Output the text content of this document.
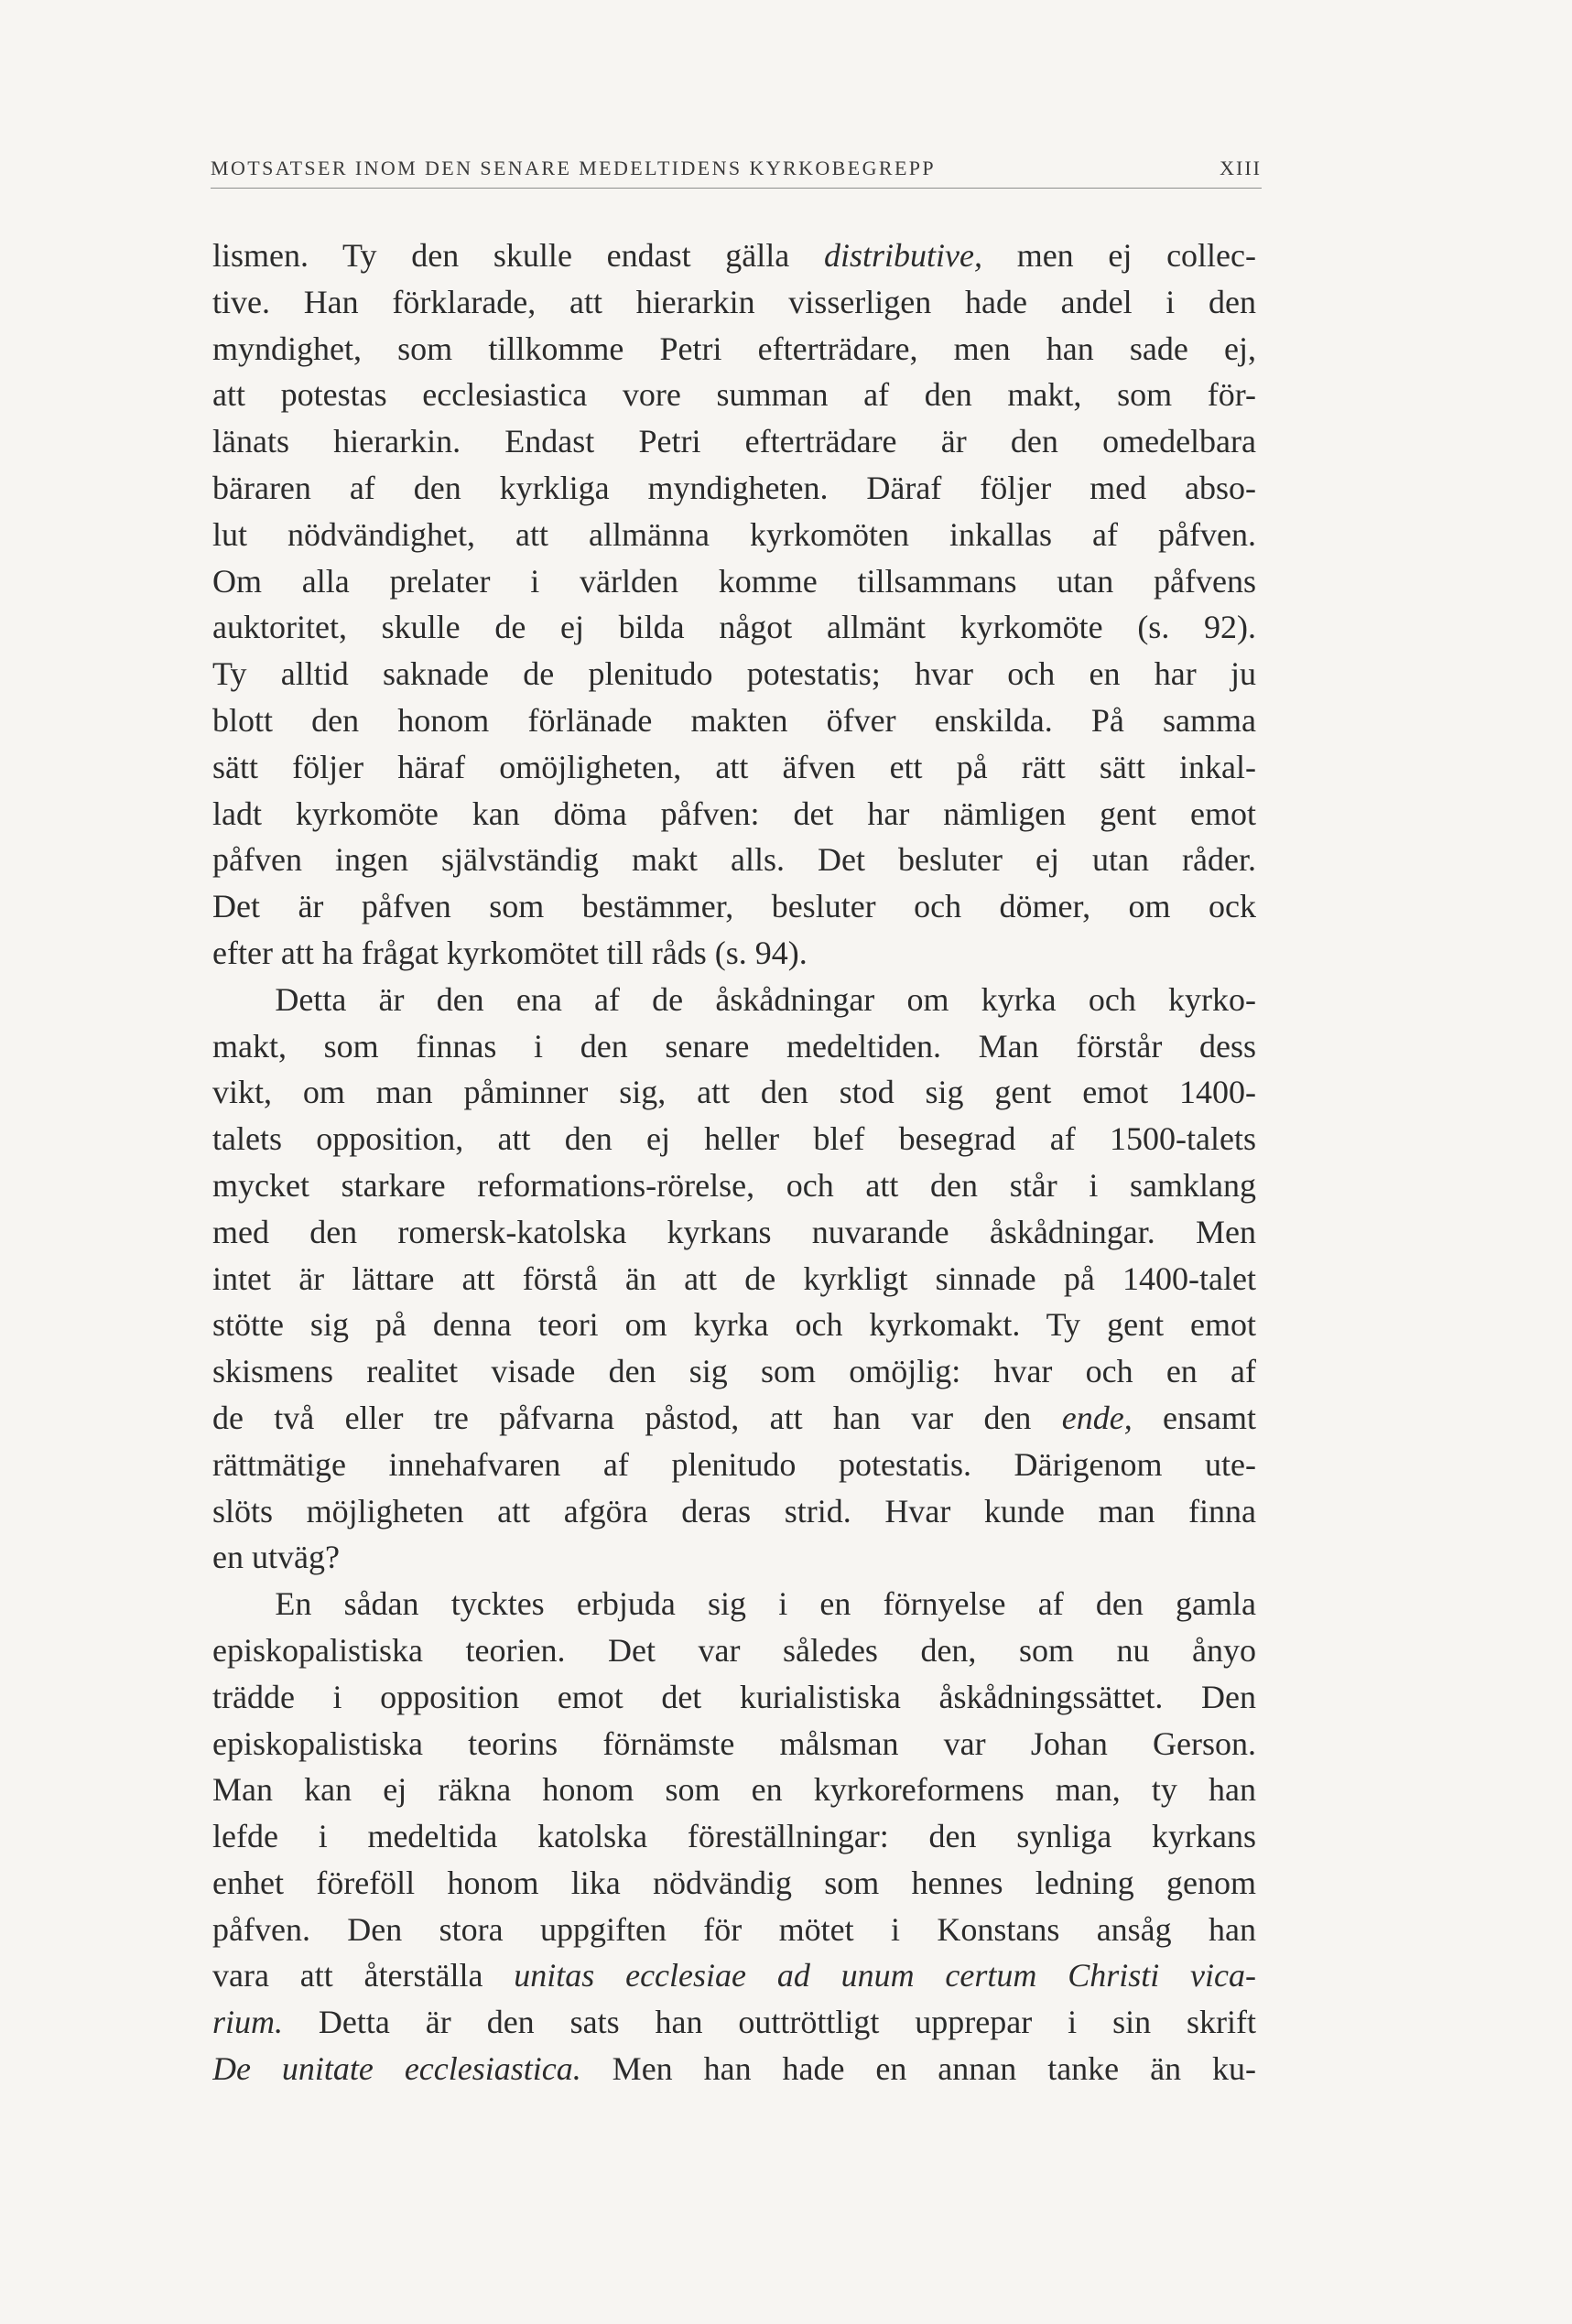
MOTSATSER INOM DEN SENARE MEDELTIDENS KYRKOBEGREPP	XIII
lismen. Ty den skulle endast gälla distributive, men ej collec-
tive. Han förklarade, att hierarkin visserligen hade andel i den
myndighet, som tillkomme Petri efterträdare, men han sade ej,
att potestas ecclesiastica vore summan af den makt, som för-
länats hierarkin. Endast Petri efterträdare är den omedelbara
bäraren af den kyrkliga myndigheten. Däraf följer med abso-
lut nödvändighet, att allmänna kyrkomöten inkallas af påfven.
Om alla prelater i världen komme tillsammans utan påfvens
auktoritet, skulle de ej bilda något allmänt kyrkomöte (s. 92).
Ty alltid saknade de plenitudo potestatis; hvar och en har ju
blott den honom förlänade makten öfver enskilda. På samma
sätt följer häraf omöjligheten, att äfven ett på rätt sätt inkal-
ladt kyrkomöte kan döma påfven: det har nämligen gent emot
påfven ingen självständig makt alls. Det besluter ej utan råder.
Det är påfven som bestämmer, besluter och dömer, om ock
efter att ha frågat kyrkomötet till råds (s. 94).
Detta är den ena af de åskådningar om kyrka och kyrko-
makt, som finnas i den senare medeltiden. Man förstår dess
vikt, om man påminner sig, att den stod sig gent emot 1400-
talets opposition, att den ej heller blef besegrad af 1500-talets
mycket starkare reformations-rörelse, och att den står i samklang
med den romersk-katolska kyrkans nuvarande åskådningar. Men
intet är lättare att förstå än att de kyrkligt sinnade på 1400-talet
stötte sig på denna teori om kyrka och kyrkomakt. Ty gent emot
skismens realitet visade den sig som omöjlig: hvar och en af
de två eller tre påfvarna påstod, att han var den ende, ensamt
rättmätige innehafvaren af plenitudo potestatis. Därigenom ute-
slöts möjligheten att afgöra deras strid. Hvar kunde man finna
en utväg?
En sådan tycktes erbjuda sig i en förnyelse af den gamla
episkopalistiska teorien. Det var således den, som nu ånyo
trädde i opposition emot det kurialistiska åskådningssättet. Den
episkopalistiska teorins förnämste målsman var Johan Gerson.
Man kan ej räkna honom som en kyrkoreformens man, ty han
lefde i medeltida katolska föreställningar: den synliga kyrkans
enhet föreföll honom lika nödvändig som hennes ledning genom
påfven. Den stora uppgiften för mötet i Konstans ansåg han
vara att återställa unitas ecclesiae ad unum certum Christi vica-
rium. Detta är den sats han outtröttligt upprepar i sin skrift
De unitate ecclesiastica. Men han hade en annan tanke än ku-
